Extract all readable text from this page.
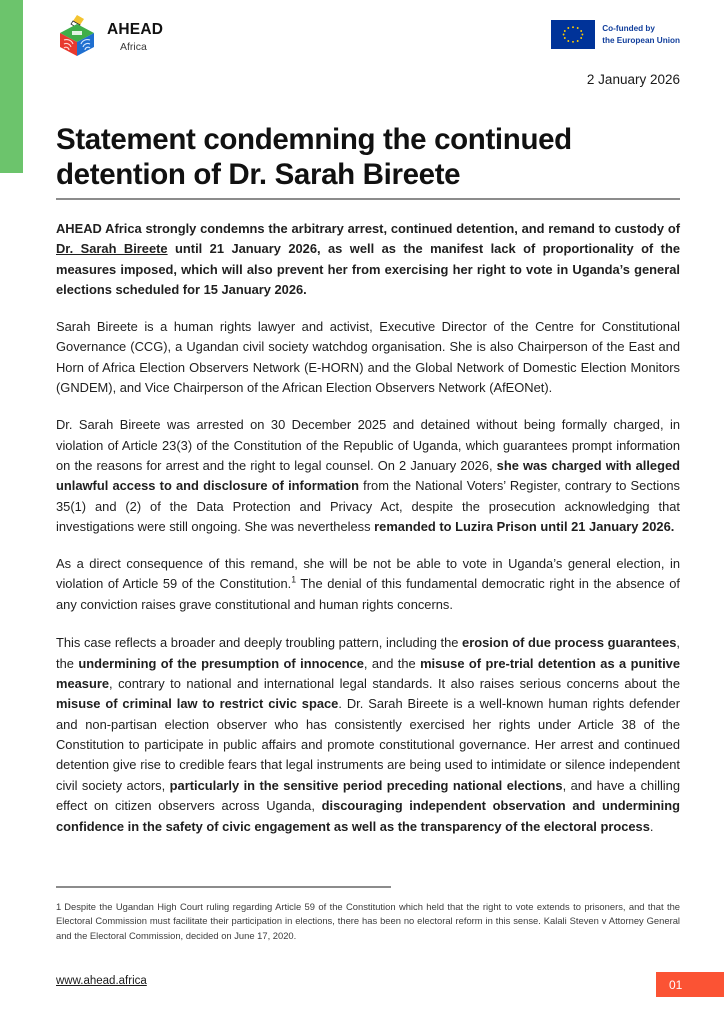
AHEAD
Africa
Co-funded by
the European Union
2 January 2026
Statement condemning the continued detention of Dr. Sarah Bireete

AHEAD Africa strongly condemns the arbitrary arrest, continued detention, and remand to custody of Dr. Sarah Bireete until 21 January 2026, as well as the manifest lack of proportionality of the measures imposed, which will also prevent her from exercising her right to vote in Uganda’s general elections scheduled for 15 January 2026.

Sarah Bireete is a human rights lawyer and activist, Executive Director of the Centre for Constitutional Governance (CCG), a Ugandan civil society watchdog organisation. She is also Chairperson of the East and Horn of Africa Election Observers Network (E-HORN) and the Global Network of Domestic Election Monitors (GNDEM), and Vice Chairperson of the African Election Observers Network (AfEONet).

Dr. Sarah Bireete was arrested on 30 December 2025 and detained without being formally charged, in violation of Article 23(3) of the Constitution of the Republic of Uganda, which guarantees prompt information on the reasons for arrest and the right to legal counsel. On 2 January 2026, she was charged with alleged unlawful access to and disclosure of information from the National Voters’ Register, contrary to Sections 35(1) and (2) of the Data Protection and Privacy Act, despite the prosecution acknowledging that investigations were still ongoing. She was nevertheless remanded to Luzira Prison until 21 January 2026.

As a direct consequence of this remand, she will be not be able to vote in Uganda’s general election, in violation of Article 59 of the Constitution.$^1$ The denial of this fundamental democratic right in the absence of any conviction raises grave constitutional and human rights concerns.

This case reflects a broader and deeply troubling pattern, including the erosion of due process guarantees, the undermining of the presumption of innocence, and the misuse of pre-trial detention as a punitive measure, contrary to national and international legal standards. It also raises serious concerns about the misuse of criminal law to restrict civic space. Dr. Sarah Bireete is a well-known human rights defender and non-partisan election observer who has consistently exercised her rights under Article 38 of the Constitution to participate in public affairs and promote constitutional governance. Her arrest and continued detention give rise to credible fears that legal instruments are being used to intimidate or silence independent civil society actors, particularly in the sensitive period preceding national elections, and have a chilling effect on citizen observers across Uganda, discouraging independent observation and undermining confidence in the safety of civic engagement as well as the transparency of the electoral process.

1 Despite the Ugandan High Court ruling regarding Article 59 of the Constitution which held that the right to vote extends to prisoners, and that the Electoral Commission must facilitate their participation in elections, there has been no electoral reform in this sense. Kalali Steven v Attorney General and the Electoral Commission, decided on June 17, 2020.
www.ahead.africa	01
